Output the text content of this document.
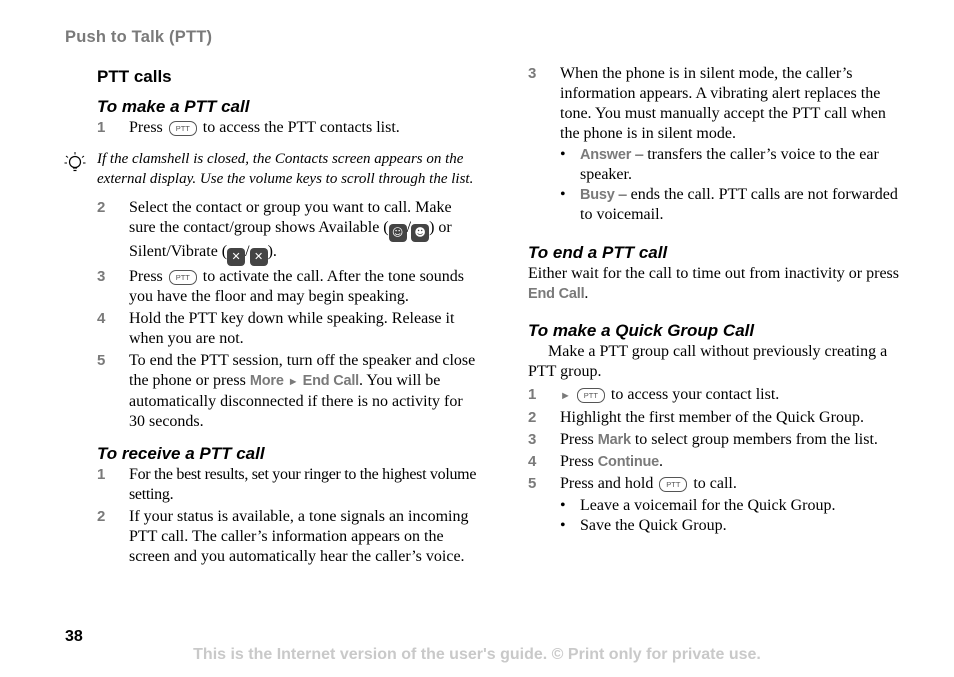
Push to Talk (PTT)
PTT calls
To make a PTT call

1 Press PTT to access the PTT contacts list.

If the clamshell is closed, the Contacts screen appears on the external display. Use the volume keys to scroll through the list.

2 Select the contact or group you want to call. Make sure the contact/group shows Available ( ☺ / ☻ ) or Silent/Vibrate ( ✕ / ✕ ).

3 Press PTT to activate the call. After the tone sounds you have the floor and may begin speaking.

4 Hold the PTT key down while speaking. Release it when you are not.

5 To end the PTT session, turn off the speaker and close the phone or press More ► End Call. You will be automatically disconnected if there is no activity for 30 seconds.

To receive a PTT call

1 For the best results, set your ringer to the highest volume setting.

2 If your status is available, a tone signals an incoming PTT call. The caller’s information appears on the screen and you automatically hear the caller’s voice.

3 When the phone is in silent mode, the caller’s information appears. A vibrating alert replaces the tone. You must manually accept the PTT call when the phone is in silent mode.

• Answer – transfers the caller’s voice to the ear speaker.
• Busy – ends the call. PTT calls are not forwarded to voicemail.
To end a PTT call

Either wait for the call to time out from inactivity or press End Call.

To make a Quick Group Call

Make a PTT group call without previously creating a PTT group.

1 ► PTT to access your contact list.

2 Highlight the first member of the Quick Group.

3 Press Mark to select group members from the list.

4 Press Continue.

5 Press and hold PTT to call.

• Leave a voicemail for the Quick Group.
• Save the Quick Group.
38
This is the Internet version of the user's guide. © Print only for private use.
